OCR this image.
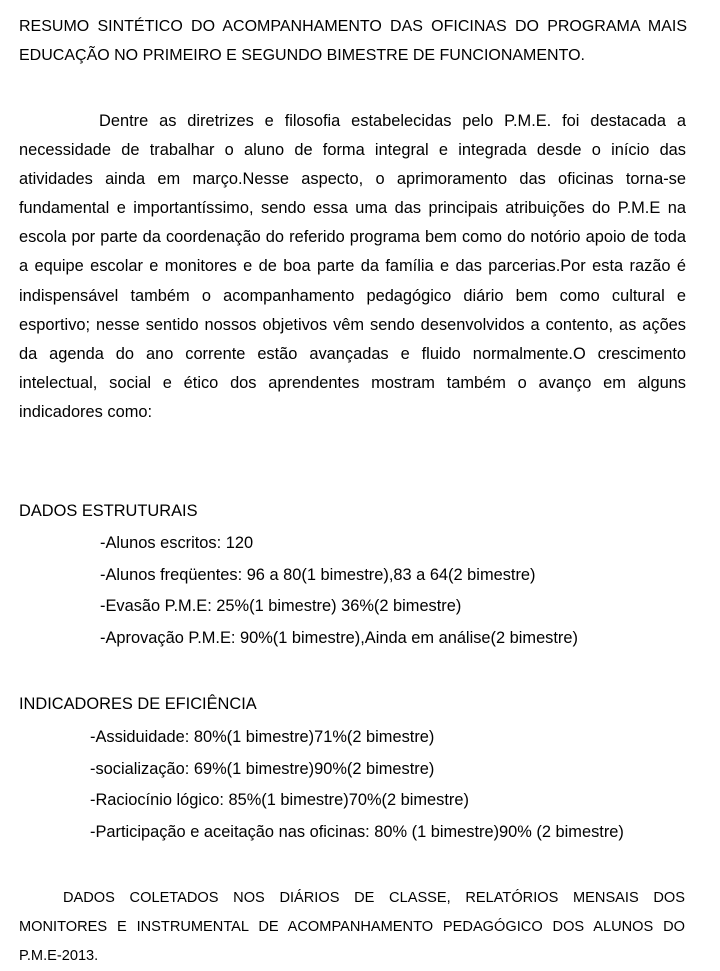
RESUMO SINTÉTICO DO ACOMPANHAMENTO DAS OFICINAS DO PROGRAMA MAIS
EDUCAÇÃO NO PRIMEIRO E SEGUNDO BIMESTRE DE FUNCIONAMENTO.

Dentre as diretrizes e filosofia estabelecidas pelo P.M.E. foi destacada a necessidade de trabalhar o aluno de forma integral e integrada desde o início das atividades ainda em março.Nesse aspecto, o aprimoramento das oficinas torna-se fundamental e importantíssimo, sendo essa uma das principais atribuições do P.M.E na escola por parte da coordenação do referido programa bem como do notório apoio de toda a equipe escolar e monitores e de boa parte da família e das parcerias.Por esta razão é indispensável também o acompanhamento pedagógico diário bem como cultural e esportivo; nesse sentido nossos objetivos vêm sendo desenvolvidos a contento, as ações da agenda do ano corrente estão avançadas e fluido normalmente.O crescimento intelectual, social e ético dos aprendentes mostram também o avanço em alguns indicadores como:

DADOS ESTRUTURAIS
-Alunos escritos: 120
-Alunos freqüentes: 96 a 80(1 bimestre),83 a 64(2 bimestre)
-Evasão P.M.E: 25%(1 bimestre) 36%(2 bimestre)
-Aprovação P.M.E: 90%(1 bimestre),Ainda em análise(2 bimestre)
INDICADORES DE EFICIÊNCIA
-Assiduidade: 80%(1 bimestre)71%(2 bimestre)
-socialização: 69%(1 bimestre)90%(2 bimestre)
-Raciocínio lógico: 85%(1 bimestre)70%(2 bimestre)
-Participação e aceitação nas oficinas: 80% (1 bimestre)90% (2 bimestre)
DADOS COLETADOS NOS DIÁRIOS DE CLASSE, RELATÓRIOS MENSAIS DOS MONITORES E INSTRUMENTAL DE ACOMPANHAMENTO PEDAGÓGICO DOS ALUNOS DO P.M.E-2013.
